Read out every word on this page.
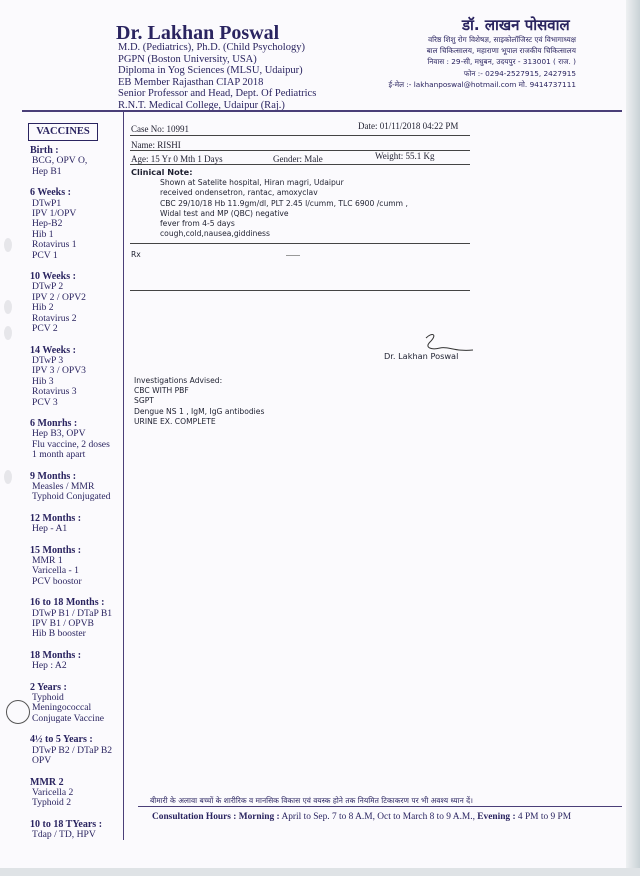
Dr. Lakhan Poswal
M.D. (Pediatrics), Ph.D. (Child Psychology)
PGPN (Boston University, USA)
Diploma in Yog Sciences (MLSU, Udaipur)
EB Member Rajasthan CIAP 2018
Senior Professor and Head, Dept. Of Pediatrics
R.N.T. Medical College, Udaipur (Raj.)
डॉ. लाखन पोसवाल
वरिष्ठ शिशु रोग विशेषज्ञ, साइकोलॉजिस्ट एवं विभागाध्यक्ष
बाल चिकित्सालय, महाराणा भूपाल राजकीय चिकित्सालय
निवास : 29-सी, मधुबन, उदयपुर - 313001 ( राज. )
फोन :- 0294-2527915, 2427915
ई-मेल :- lakhanposwal@hotmail.com मो. 9414737111
VACCINES
Birth :
BCG, OPV O,
Hep B1
6 Weeks :
DTwP1
IPV 1/OPV
Hep-B2
Hib 1
Rotavirus 1
PCV 1
10 Weeks :
DTwP 2
IPV 2 / OPV2
Hib 2
Rotavirus 2
PCV 2
14 Weeks :
DTwP 3
IPV 3 / OPV3
Hib 3
Rotavirus 3
PCV 3
6 Monrhs :
Hep B3, OPV
Flu vaccine, 2 doses
1 month apart
9 Months :
Measles / MMR
Typhoid Conjugated
12 Months :
Hep - A1
15 Months :
MMR 1
Varicella - 1
PCV boostor
16 to 18 Months :
DTwP B1 / DTaP B1
IPV B1 / OPVB
Hib B booster
18 Months :
Hep : A2
2 Years :
Typhoid
Meningococcal
Conjugate Vaccine
4½ to 5 Years :
DTwP B2 / DTaP B2
OPV
MMR 2
Varicella 2
Typhoid 2
10 to 18 TYears :
Tdap / TD, HPV
Case No: 10991	Date: 01/11/2018 04:22 PM
Name: RISHI
Age: 15 Yr 0 Mth 1 Days	Gender: Male	Weight: 55.1 Kg
Clinical Note:
Shown at Satelite hospital, Hiran magri, Udaipur
received ondensetron, rantac, amoxyclav
CBC 29/10/18 Hb 11.9gm/dl, PLT 2.45 l/cumm, TLC 6900 /cumm ,
Widal test and MP (QBC) negative
fever from 4-5 days
cough,cold,nausea,giddiness
Rx
Dr. Lakhan Poswal
Investigations Advised:
CBC WITH PBF
SGPT
Dengue NS 1 , IgM, IgG antibodies
URINE EX. COMPLETE
बीमारी के अलावा बच्चों के शारीरिक व मानसिक विकास एवं वयस्क होने तक नियमित टिकाकरण पर भी अवश्य ध्यान दें।
Consultation Hours : Morning : April to Sep. 7 to 8 A.M, Oct to March 8 to 9 A.M., Evening : 4 PM to 9 PM
